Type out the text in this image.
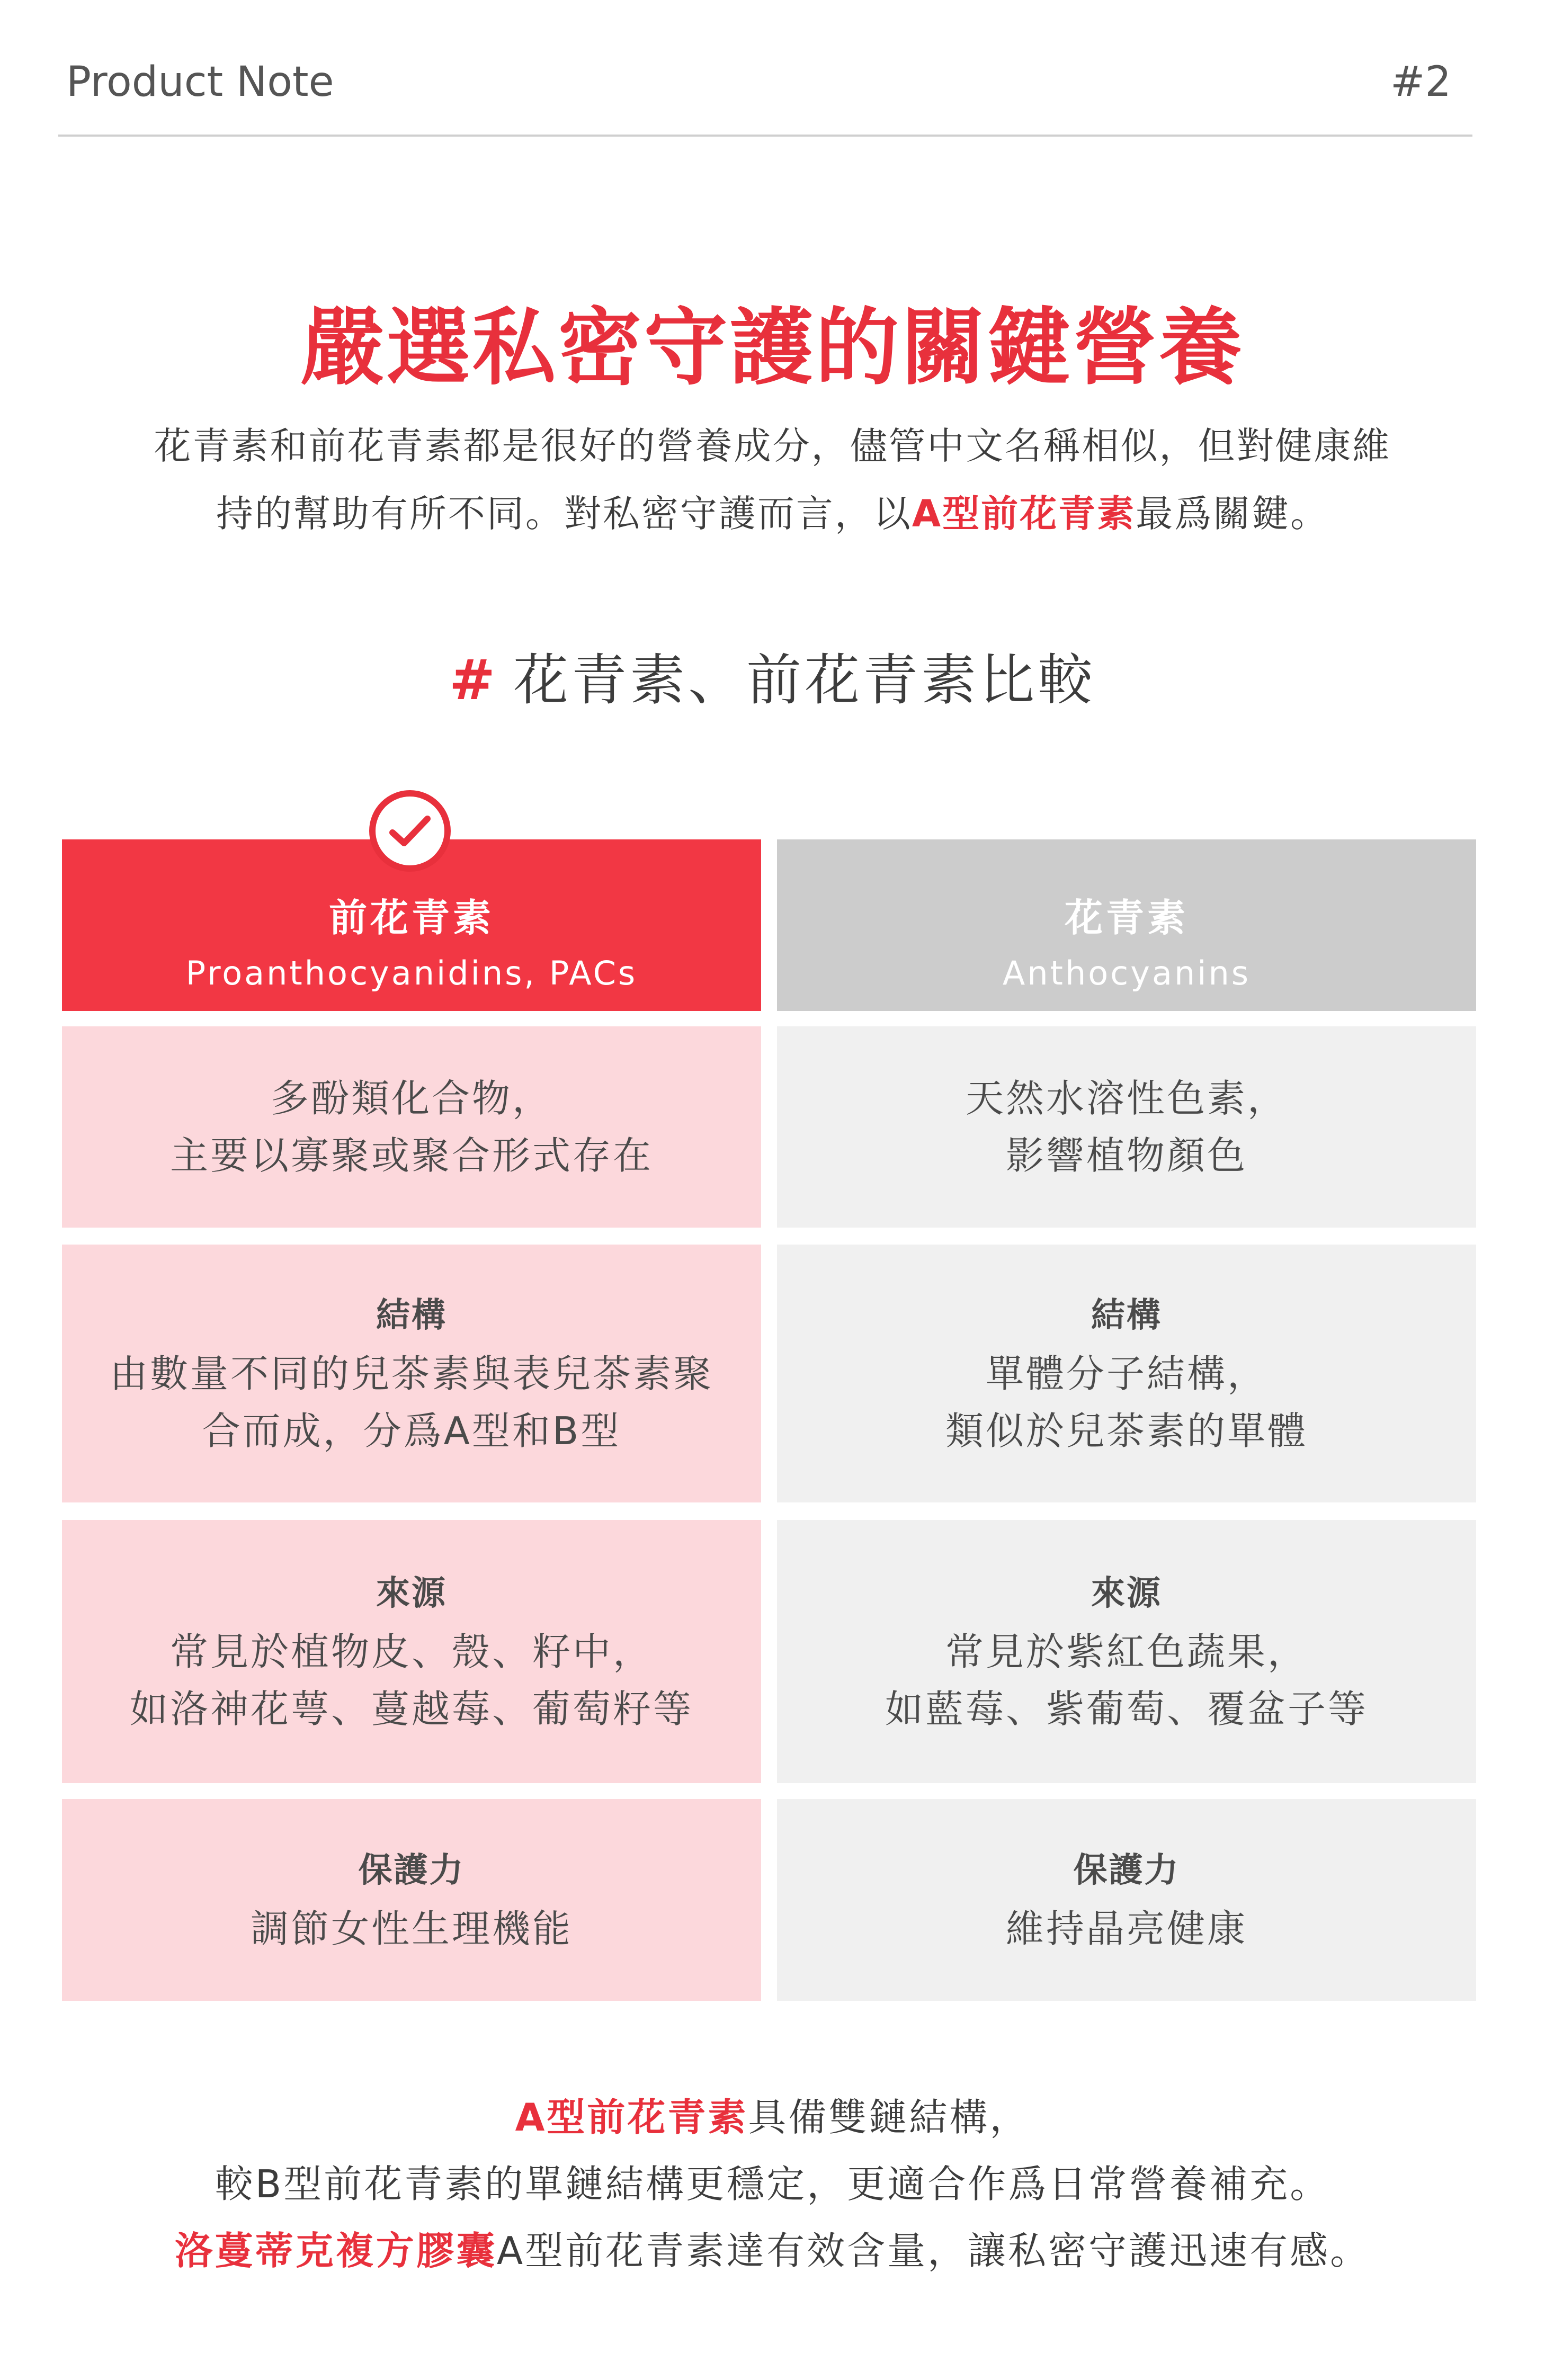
Product Note	#2
嚴選私密守護的關鍵營養
花青素和前花青素都是很好的營養成分，儘管中文名稱相似，但對健康維
持的幫助有所不同。對私密守護而言，以A型前花青素最爲關鍵。
# 花青素、前花青素比較
前花青素
Proanthocyanidins, PACs
花青素
Anthocyanins
多酚類化合物，
主要以寡聚或聚合形式存在
天然水溶性色素，
影響植物顏色
結構
由數量不同的兒茶素與表兒茶素聚
合而成，分爲A型和B型
結構
單體分子結構，
類似於兒茶素的單體
來源
常見於植物皮、殼、籽中，
如洛神花萼、蔓越莓、葡萄籽等
來源
常見於紫紅色蔬果，
如藍莓、紫葡萄、覆盆子等
保護力
調節女性生理機能
保護力
維持晶亮健康
A型前花青素具備雙鏈結構，
較B型前花青素的單鏈結構更穩定，更適合作爲日常營養補充。
洛蔓蒂克複方膠囊A型前花青素達有效含量，讓私密守護迅速有感。
